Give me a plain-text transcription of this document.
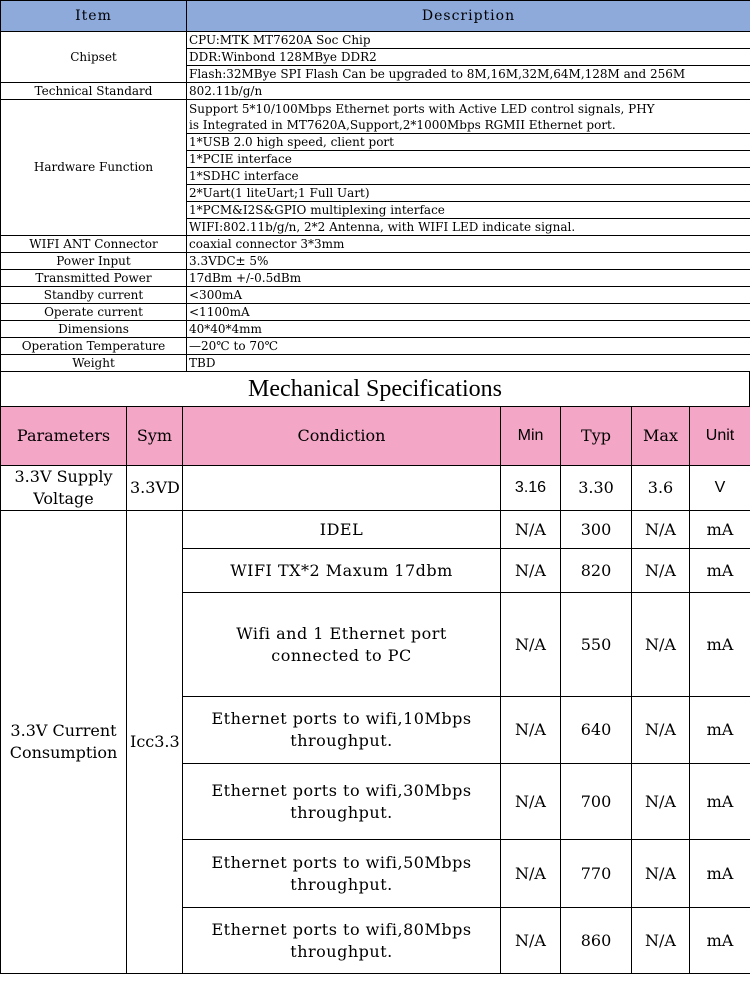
Item	Description
Chipset	CPU:MTK MT7620A Soc Chip
	DDR:Winbond 128MBye DDR2
	Flash:32MBye SPI Flash Can be upgraded to 8M,16M,32M,64M,128M and 256M
Technical Standard	802.11b/g/n
Hardware Function	Support 5*10/100Mbps Ethernet ports with Active LED control signals, PHY
is Integrated in MT7620A,Support,2*1000Mbps RGMII Ethernet port.
	1*USB 2.0 high speed, client port
	1*PCIE interface
	1*SDHC interface
	2*Uart(1 liteUart;1 Full Uart)
	1*PCM&I2S&GPIO multiplexing interface
	WIFI:802.11b/g/n, 2*2 Antenna, with WIFI LED indicate signal.
WIFI ANT Connector	coaxial connector 3*3mm
Power Input	3.3VDC± 5%
Transmitted Power	17dBm +/-0.5dBm
Standby current	<300mA
Operate current	<1100mA
Dimensions	40*40*4mm
Operation Temperature	—20℃ to 70℃
Weight	TBD
Mechanical Specifications
Parameters	Sym	Condiction	Min	Typ	Max	Unit
3.3V Supply Voltage	3.3VD		3.16	3.30	3.6	V
3.3V Current Consumption	Icc3.3	IDEL	N/A	300	N/A	mA
		WIFI TX*2 Maxum 17dbm	N/A	820	N/A	mA
		Wifi and 1 Ethernet port connected to PC	N/A	550	N/A	mA
		Ethernet ports to wifi,10Mbps throughput.	N/A	640	N/A	mA
		Ethernet ports to wifi,30Mbps throughput.	N/A	700	N/A	mA
		Ethernet ports to wifi,50Mbps throughput.	N/A	770	N/A	mA
		Ethernet ports to wifi,80Mbps throughput.	N/A	860	N/A	mA
